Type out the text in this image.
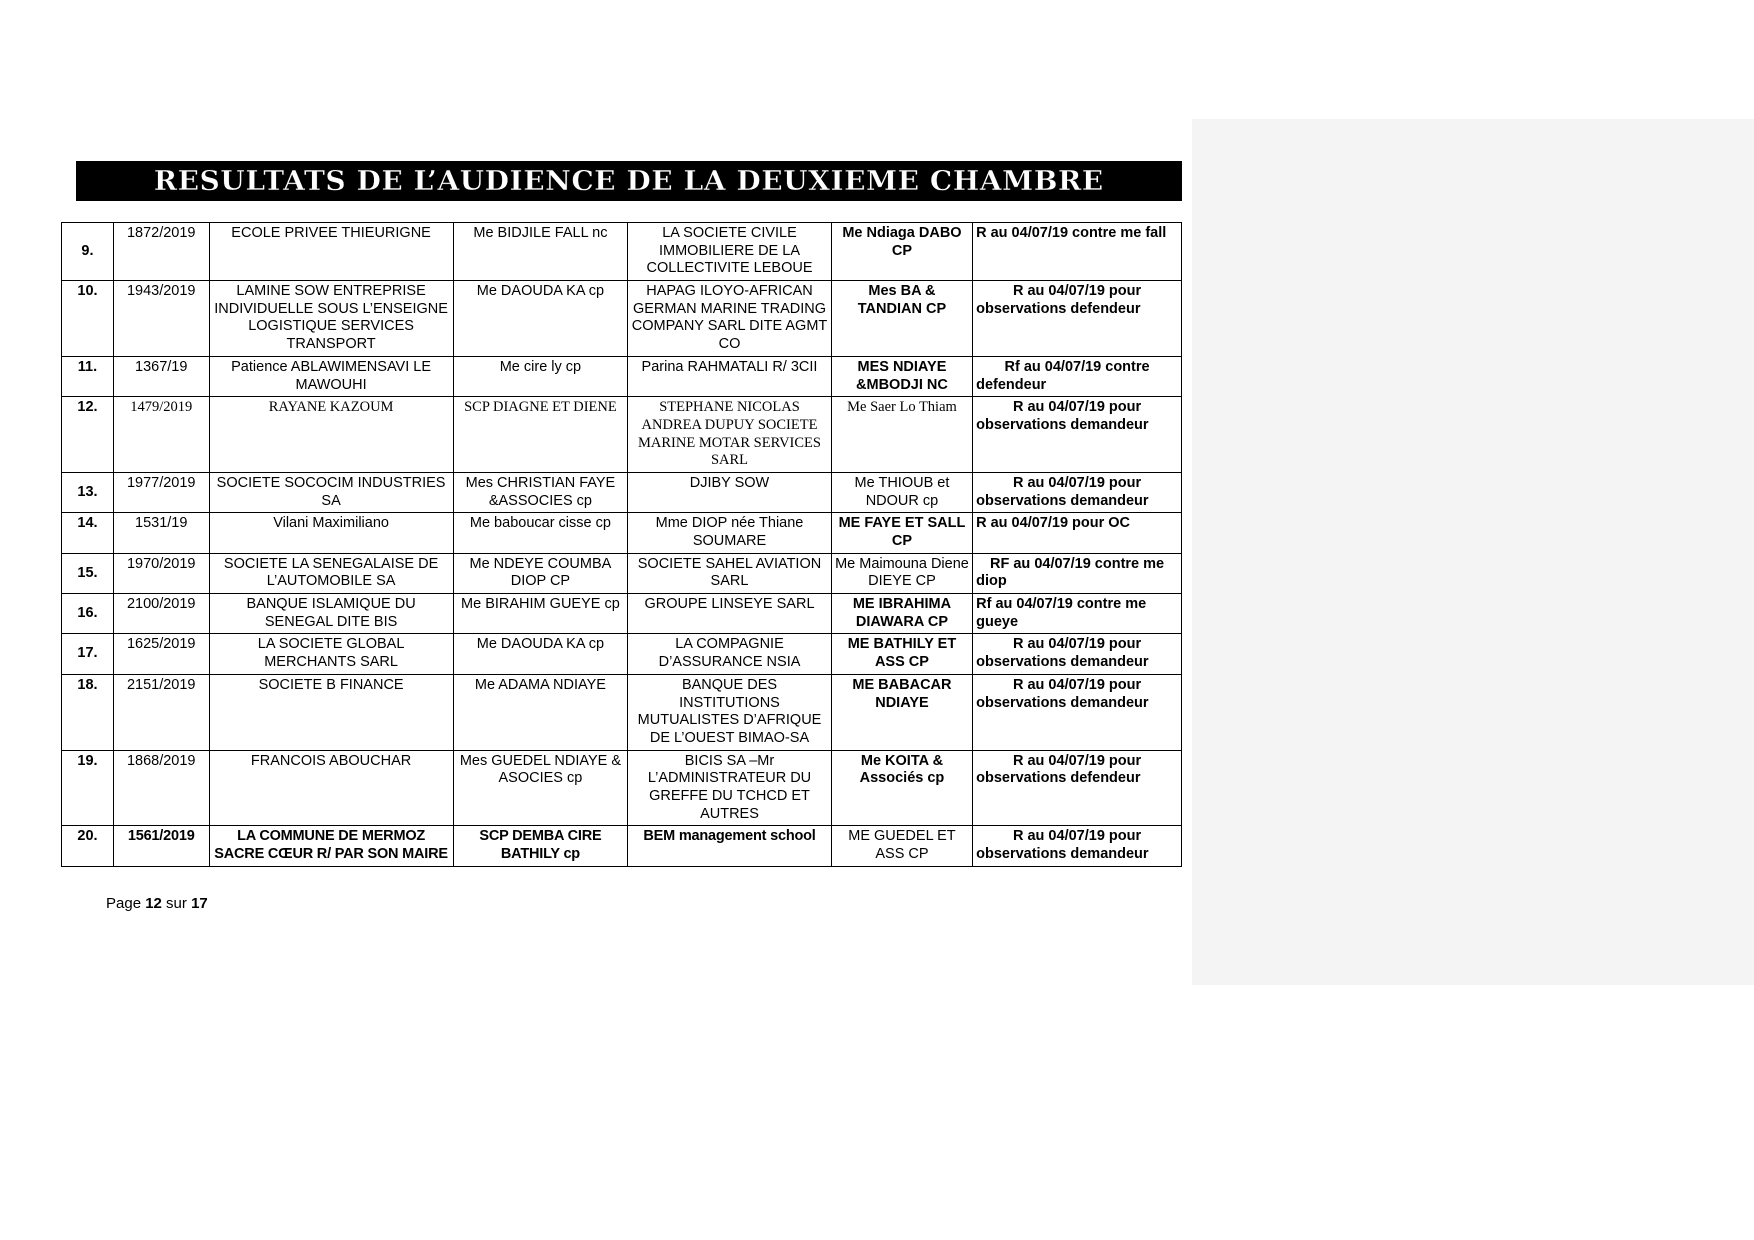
RESULTATS DE L’AUDIENCE DE LA DEUXIEME CHAMBRE
9.	1872/2019	ECOLE PRIVEE THIEURIGNE	Me BIDJILE FALL nc	LA SOCIETE CIVILE IMMOBILIERE DE LA COLLECTIVITE LEBOUE	Me Ndiaga DABO CP	R au 04/07/19 contre me fall
10.	1943/2019	LAMINE SOW ENTREPRISE INDIVIDUELLE SOUS L’ENSEIGNE LOGISTIQUE SERVICES TRANSPORT	Me DAOUDA KA cp	HAPAG ILOYO-AFRICAN GERMAN MARINE TRADING COMPANY SARL DITE AGMT CO	Mes BA & TANDIAN CP	R au 04/07/19 pour observations defendeur
11.	1367/19	Patience ABLAWIMENSAVI LE MAWOUHI	Me cire ly cp	Parina RAHMATALI R/ 3CII	MES NDIAYE &MBODJI NC	Rf au 04/07/19 contre defendeur
12.	1479/2019	RAYANE KAZOUM	SCP DIAGNE ET DIENE	STEPHANE NICOLAS ANDREA DUPUY SOCIETE MARINE MOTAR SERVICES SARL	Me Saer Lo Thiam	R au 04/07/19 pour observations demandeur
13.	1977/2019	SOCIETE SOCOCIM INDUSTRIES SA	Mes CHRISTIAN FAYE &ASSOCIES cp	DJIBY SOW	Me THIOUB et NDOUR cp	R au 04/07/19 pour observations demandeur
14.	1531/19	Vilani Maximiliano	Me baboucar cisse cp	Mme DIOP née Thiane SOUMARE	ME FAYE ET SALL CP	R au 04/07/19 pour OC
15.	1970/2019	SOCIETE LA SENEGALAISE DE L’AUTOMOBILE SA	Me NDEYE COUMBA DIOP CP	SOCIETE SAHEL AVIATION SARL	Me Maimouna Diene DIEYE CP	RF au 04/07/19 contre me diop
16.	2100/2019	BANQUE ISLAMIQUE DU SENEGAL DITE BIS	Me BIRAHIM GUEYE cp	GROUPE LINSEYE SARL	ME IBRAHIMA DIAWARA CP	Rf au 04/07/19 contre me gueye
17.	1625/2019	LA SOCIETE GLOBAL MERCHANTS SARL	Me DAOUDA KA cp	LA COMPAGNIE D’ASSURANCE NSIA	ME BATHILY ET ASS CP	R au 04/07/19 pour observations demandeur
18.	2151/2019	SOCIETE B FINANCE	Me ADAMA NDIAYE	BANQUE DES INSTITUTIONS MUTUALISTES D’AFRIQUE DE L’OUEST BIMAO-SA	ME BABACAR NDIAYE	R au 04/07/19 pour observations demandeur
19.	1868/2019	FRANCOIS ABOUCHAR	Mes GUEDEL NDIAYE & ASOCIES cp	BICIS SA –Mr L’ADMINISTRATEUR DU GREFFE DU TCHCD ET AUTRES	Me KOITA & Associés cp	R au 04/07/19 pour observations defendeur
20.	1561/2019	LA COMMUNE DE MERMOZ SACRE CŒUR R/ PAR SON MAIRE	SCP DEMBA CIRE BATHILY cp	BEM management school	ME GUEDEL ET ASS CP	R au 04/07/19 pour observations demandeur
Page 12 sur 17
